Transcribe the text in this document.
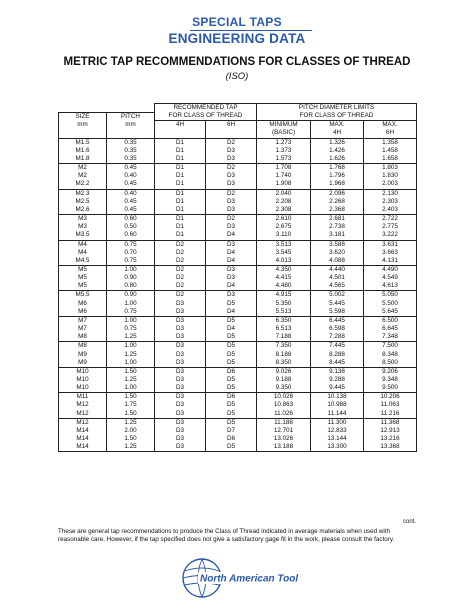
SPECIAL TAPS
ENGINEERING DATA
METRIC TAP RECOMMENDATIONS FOR CLASSES OF THREAD
(ISO)
		RECOMMENDED TAP		PITCH DIAMETER LIMITS		
SIZE	PITCH	FOR CLASS OF THREAD		FOR CLASS OF THREAD		
mm	mm	4H	6H	MINIMUM	MAX.	MAX.
				(BASIC)	4H	6H
M1.5	0.35	D1	D2	1.273	1.326	1.358
M1.6	0.35	D1	D3	1.373	1.426	1.458
M1.8	0.35	D1	D3	1.573	1.626	1.658
M2	0.45	D1	D2	1.708	1.768	1.803
M2	0.40	D1	D3	1.740	1.796	1.830
M2.2	0.45	D1	D3	1.908	1.968	2.003
M2.3	0.40	D1	D2	2.040	2.096	2.130
M2.5	0.45	D1	D3	2.208	2.268	2.303
M2.6	0.45	D1	D3	2.308	2.368	2.403
M3	0.60	D1	D2	2.610	2.681	2.722
M3	0.50	D1	D3	2.675	2.738	2.775
M3.5	0.60	D1	D4	3.110	3.181	3.222
M4	0.75	D2	D3	3.513	3.588	3.631
M4	0.70	D2	D4	3.545	3.620	3.663
M4.5	0.75	D2	D4	4.013	4.088	4.131
M5	1.00	D2	D3	4.350	4.440	4.490
M5	0.90	D2	D3	4.415	4.501	4.549
M5	0.80	D2	D4	4.480	4.565	4.613
M5.5	0.90	D2	D3	4.915	5.002	5.050
M6	1.00	D3	D5	5.350	5.445	5.500
M6	0.75	D3	D4	5.513	5.598	5.645
M7	1.00	D3	D5	6.350	6.445	6.500
M7	0.75	D3	D4	6.513	6.598	6.645
M8	1.25	D3	D5	7.188	7.288	7.348
M8	1.00	D3	D5	7.350	7.445	7.500
M9	1.25	D3	D5	8.188	8.288	8.348
M9	1.00	D3	D5	8.350	8.445	8.500
M10	1.50	D3	D6	9.026	9.138	9.206
M10	1.25	D3	D5	9.188	9.288	9.348
M10	1.00	D3	D5	9.350	9.445	9.500
M11	1.50	D3	D6	10.026	10.138	10.206
M12	1.75	D3	D5	10.863	10.988	11.063
M12	1.50	D3	D5	11.026	11.144	11.216
M12	1.25	D3	D5	11.188	11.300	11.368
M14	2.00	D3	D7	12.701	12.833	12.913
M14	1.50	D3	D6	13.026	13.144	13.216
M14	1.25	D3	D5	13.188	13.300	13.368
cont.
These are general tap recommendations to produce the Class of Thread indicated in average materials when used with reasonable care. However, if the tap specified does not give a satisfactory gage fit in the work, please consult the factory.
North American Tool
